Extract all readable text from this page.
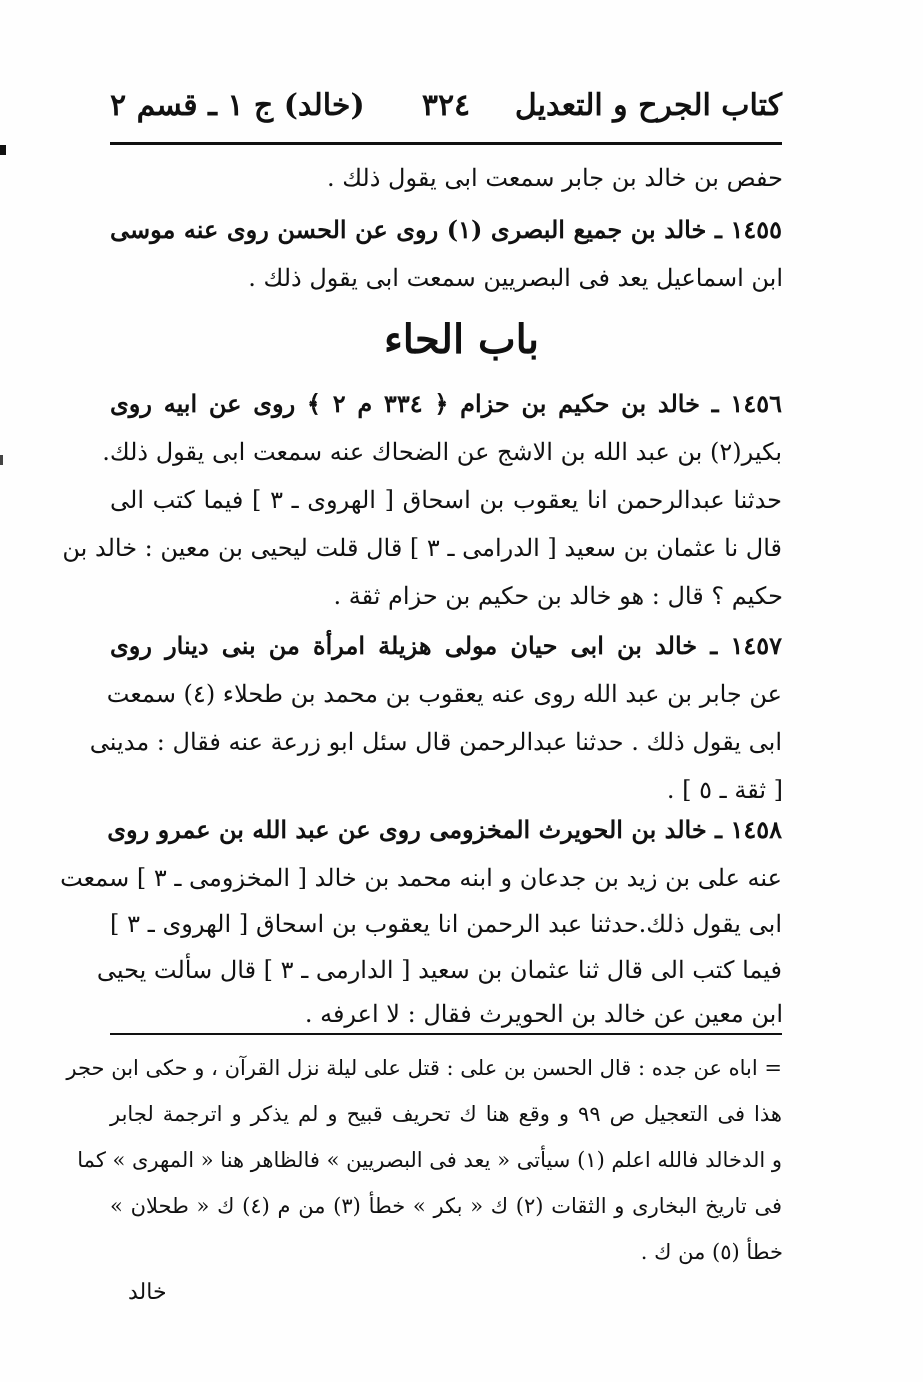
كتاب الجرح و التعديل
٣٢٤
(خالد) ج ١ ـ قسم ٢
حفص بن خالد بن جابر سمعت ابى يقول ذلك .
١٤٥٥ ـ خالد بن جميع البصرى (١) روى عن الحسن روى عنه موسى
ابن اسماعيل يعد فى البصريين سمعت ابى يقول ذلك .
باب الحاء
١٤٥٦ ـ خالد بن حكيم بن حزام ﴿ ٣٣٤ م ٢ ﴾ روى عن ابيه روى
بكير(٢) بن عبد الله بن الاشج عن الضحاك عنه سمعت ابى يقول ذلك.
حدثنا عبدالرحمن انا يعقوب بن اسحاق [ الهروى ـ ٣ ] فيما كتب الى
قال نا عثمان بن سعيد [ الدرامى ـ ٣ ] قال قلت ليحيى بن معين : خالد بن
حكيم ؟ قال : هو خالد بن حكيم بن حزام ثقة .
١٤٥٧ ـ خالد بن ابى حيان مولى هزيلة امرأة من بنى دينار روى
عن جابر بن عبد الله روى عنه يعقوب بن محمد بن طحلاء (٤) سمعت
ابى يقول ذلك . حدثنا عبدالرحمن قال سئل ابو زرعة عنه فقال : مدينى
[ ثقة ـ ٥ ] .
١٤٥٨ ـ خالد بن الحويرث المخزومى روى عن عبد الله بن عمرو روى
عنه على بن زيد بن جدعان و ابنه محمد بن خالد [ المخزومى ـ ٣ ] سمعت
ابى يقول ذلك.حدثنا عبد الرحمن انا يعقوب بن اسحاق [ الهروى ـ ٣ ]
فيما كتب الى قال ثنا عثمان بن سعيد [ الدارمى ـ ٣ ] قال سألت يحيى
ابن معين عن خالد بن الحويرث فقال : لا اعرفه .
= اباه عن جده : قال الحسن بن على : قتل على ليلة نزل القرآن ، و حكى ابن حجر
هذا فى التعجيل ص ٩٩ و وقع هنا ك تحريف قبيح و لم يذكر و اترجمة لجابر
و الدخالد فالله اعلم (١) سيأتى « يعد فى البصريين » فالظاهر هنا « المهرى » كما
فى تاريخ البخارى و الثقات (٢) ك « بكر » خطأ (٣) من م (٤) ك « طحلان »
خطأ (٥) من ك .
خالد
